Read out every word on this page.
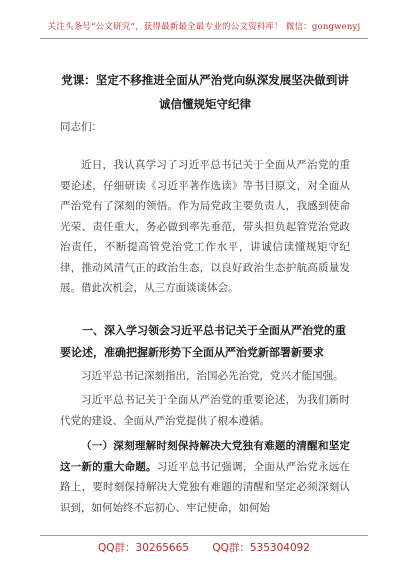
关注头条号“公文研究”，获得最新最全最专业的公文资料库！ 微信：gongwenyj
党课：坚定不移推进全面从严治党向纵深发展坚决做到讲
诚信懂规矩守纪律
同志们：
近日，我认真学习了习近平总书记关于全面从严治党的重要论述，仔细研读《习近平著作选读》等书目原文，对全面从严治党有了深刻的领悟。作为局党政主要负责人，我感到使命光荣、责任重大，务必做到率先垂范，带头担负起管党治党政治责任，不断提高管党治党工作水平，讲诚信读懂规矩守纪律，推动风清气正的政治生态，以良好政治生态护航高质量发展。借此次机会，从三方面谈谈体会。
一、深入学习领会习近平总书记关于全面从严治党的重要论述，准确把握新形势下全面从严治党新部署新要求
习近平总书记深刻指出，治国必先治党，党兴才能国强。
习近平总书记关于全面从严治党的重要论述，为我们新时代党的建设、全面从严治党提供了根本遵循。
（一）深刻理解时刻保持解决大党独有难题的清醒和坚定这一新的重大命题。习近平总书记强调，全面从严治党永远在路上，要时刻保持解决大党独有难题的清醒和坚定必须深刻认识到，如何始终不忘初心、牢记使命，如何始
QQ群：30265665 QQ群：535304092
